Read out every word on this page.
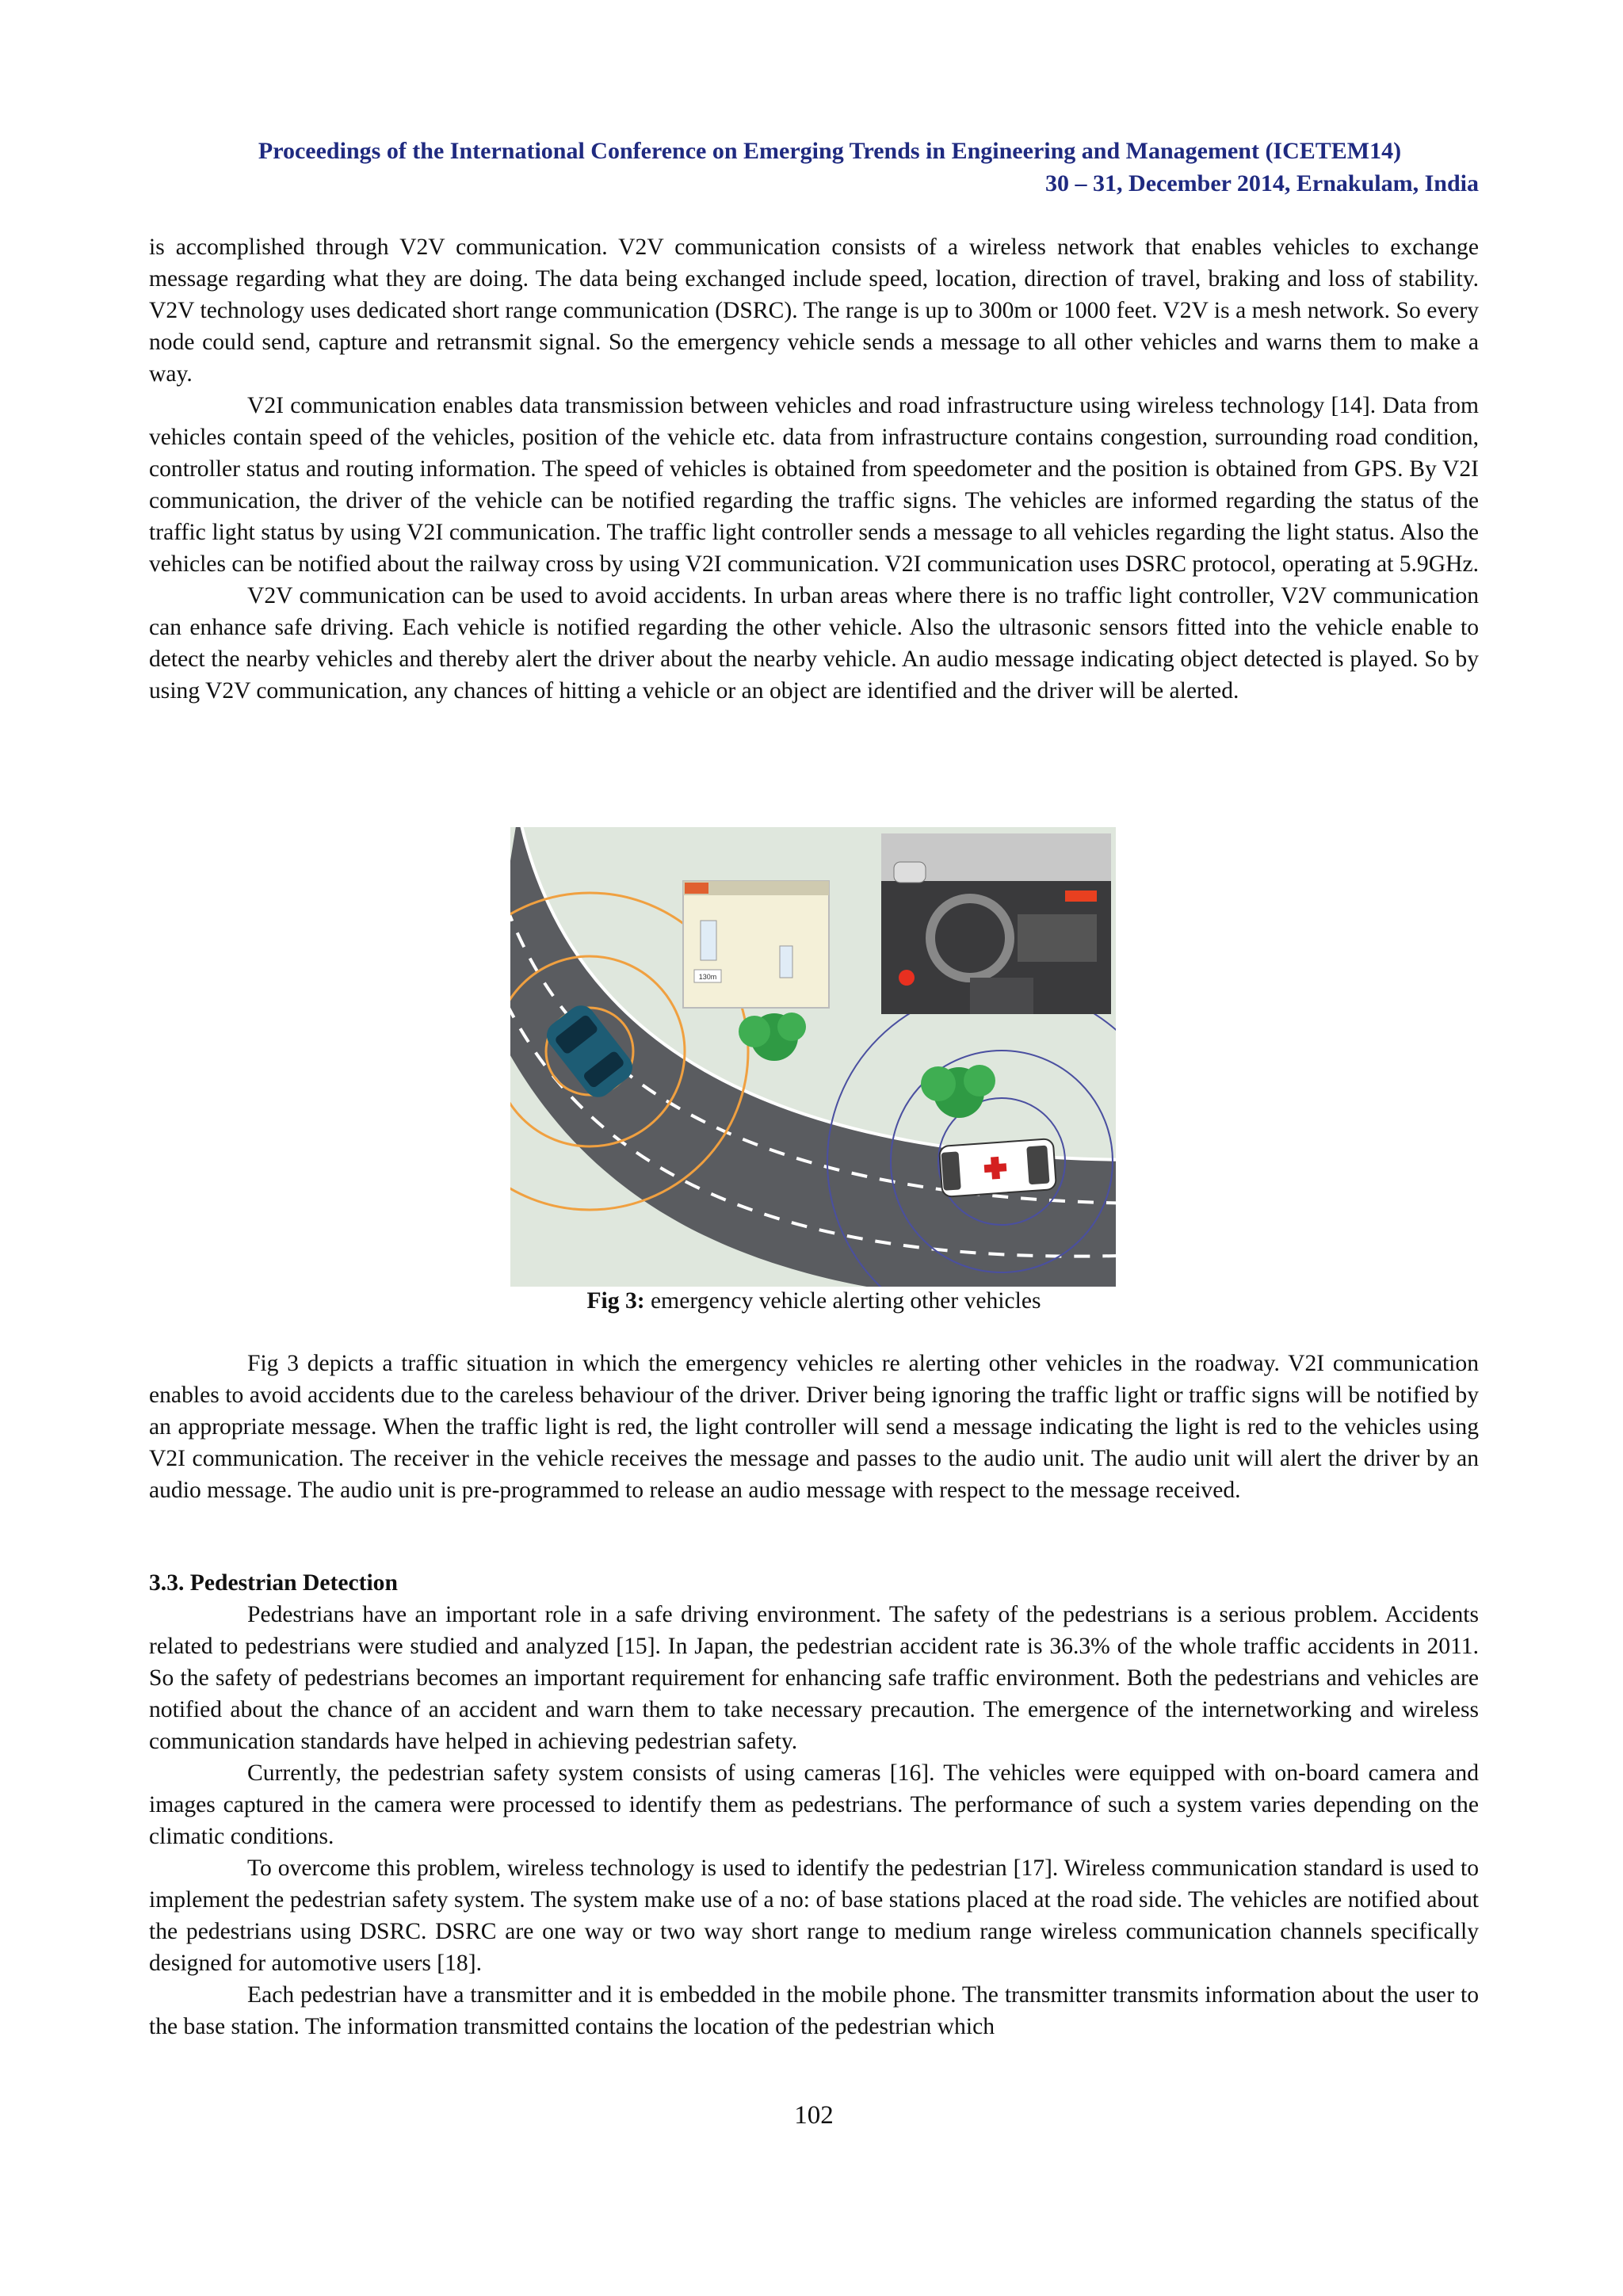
Proceedings of the International Conference on Emerging Trends in Engineering and Management (ICETEM14)
30 – 31, December 2014, Ernakulam, India

is accomplished through V2V communication. V2V communication consists of a wireless network that enables vehicles to exchange message regarding what they are doing. The data being exchanged include speed, location, direction of travel, braking and loss of stability. V2V technology uses dedicated short range communication (DSRC). The range is up to 300m or 1000 feet. V2V is a mesh network. So every node could send, capture and retransmit signal. So the emergency vehicle sends a message to all other vehicles and warns them to make a way.

V2I communication enables data transmission between vehicles and road infrastructure using wireless technology [14]. Data from vehicles contain speed of the vehicles, position of the vehicle etc. data from infrastructure contains congestion, surrounding road condition, controller status and routing information. The speed of vehicles is obtained from speedometer and the position is obtained from GPS. By V2I communication, the driver of the vehicle can be notified regarding the traffic signs. The vehicles are informed regarding the status of the traffic light status by using V2I communication. The traffic light controller sends a message to all vehicles regarding the light status. Also the vehicles can be notified about the railway cross by using V2I communication. V2I communication uses DSRC protocol, operating at 5.9GHz.

V2V communication can be used to avoid accidents. In urban areas where there is no traffic light controller, V2V communication can enhance safe driving. Each vehicle is notified regarding the other vehicle. Also the ultrasonic sensors fitted into the vehicle enable to detect the nearby vehicles and thereby alert the driver about the nearby vehicle. An audio message indicating object detected is played. So by using V2V communication, any chances of hitting a vehicle or an object are identified and the driver will be alerted.

130m
Fig 3: emergency vehicle alerting other vehicles

Fig 3 depicts a traffic situation in which the emergency vehicles re alerting other vehicles in the roadway. V2I communication enables to avoid accidents due to the careless behaviour of the driver. Driver being ignoring the traffic light or traffic signs will be notified by an appropriate message. When the traffic light is red, the light controller will send a message indicating the light is red to the vehicles using V2I communication. The receiver in the vehicle receives the message and passes to the audio unit. The audio unit will alert the driver by an audio message. The audio unit is pre-programmed to release an audio message with respect to the message received.

3.3. Pedestrian Detection

Pedestrians have an important role in a safe driving environment. The safety of the pedestrians is a serious problem. Accidents related to pedestrians were studied and analyzed [15]. In Japan, the pedestrian accident rate is 36.3% of the whole traffic accidents in 2011. So the safety of pedestrians becomes an important requirement for enhancing safe traffic environment. Both the pedestrians and vehicles are notified about the chance of an accident and warn them to take necessary precaution. The emergence of the internetworking and wireless communication standards have helped in achieving pedestrian safety.

Currently, the pedestrian safety system consists of using cameras [16]. The vehicles were equipped with on-board camera and images captured in the camera were processed to identify them as pedestrians. The performance of such a system varies depending on the climatic conditions.

To overcome this problem, wireless technology is used to identify the pedestrian [17]. Wireless communication standard is used to implement the pedestrian safety system. The system make use of a no: of base stations placed at the road side. The vehicles are notified about the pedestrians using DSRC. DSRC are one way or two way short range to medium range wireless communication channels specifically designed for automotive users [18].

Each pedestrian have a transmitter and it is embedded in the mobile phone. The transmitter transmits information about the user to the base station. The information transmitted contains the location of the pedestrian which

102
